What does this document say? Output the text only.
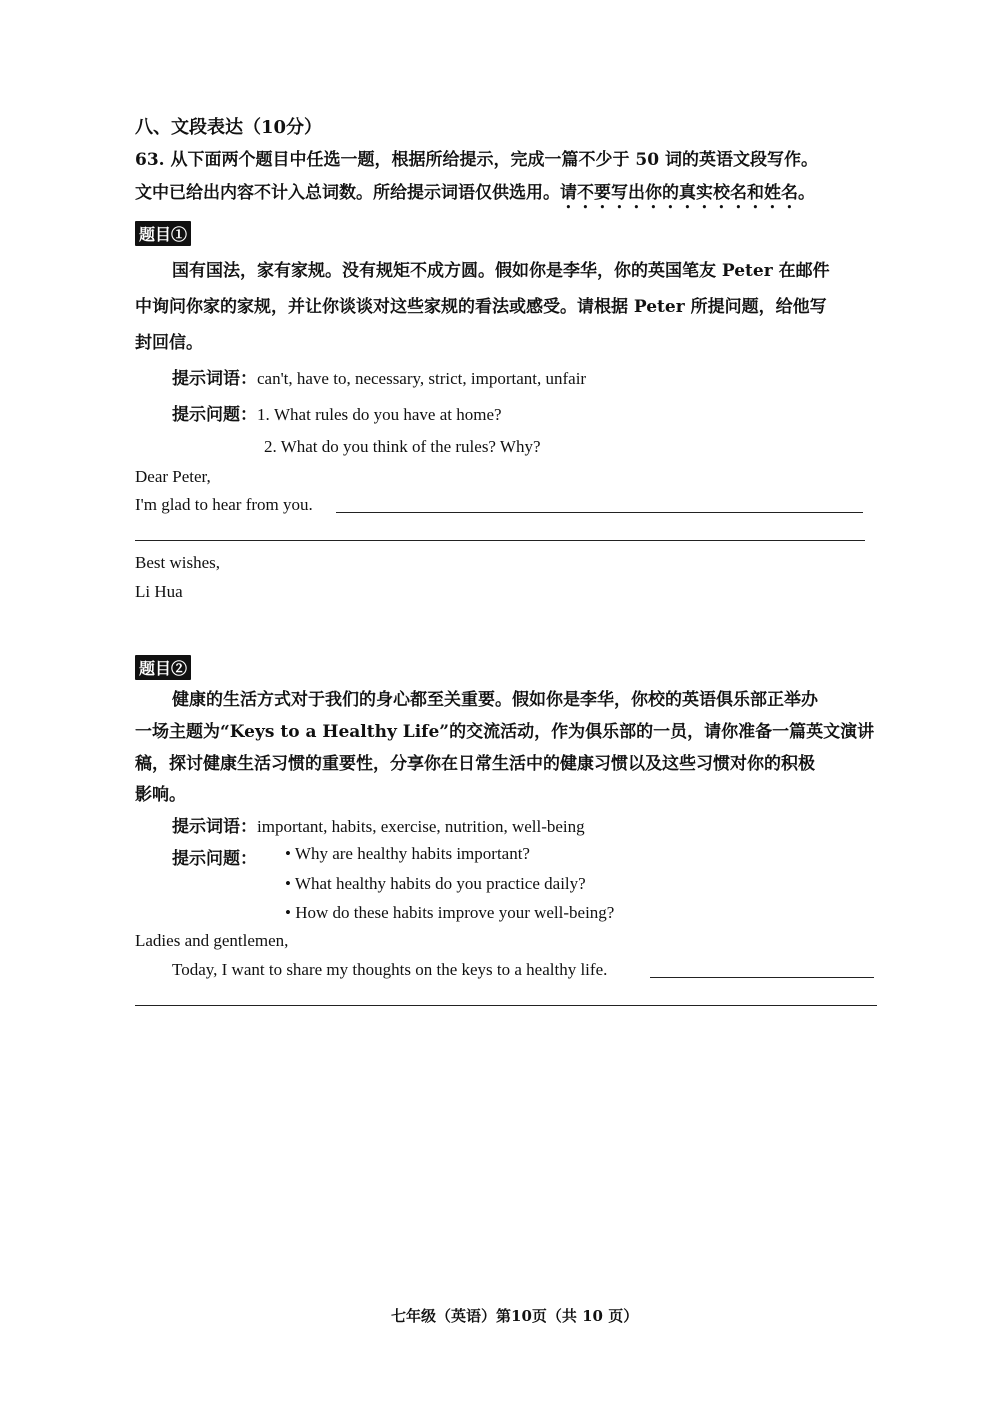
八、文段表达（10分）
63. 从下面两个题目中任选一题，根据所给提示，完成一篇不少于 50 词的英语文段写作。
文中已给出内容不计入总词数。所给提示词语仅供选用。请不要写出你的真实校名和姓名。
题目①
国有国法，家有家规。没有规矩不成方圆。假如你是李华，你的英国笔友 Peter 在邮件
中询问你家的家规，并让你谈谈对这些家规的看法或感受。请根据 Peter 所提问题，给他写
封回信。
提示词语：can't, have to, necessary, strict, important, unfair
提示问题：1. What rules do you have at home?
2. What do you think of the rules? Why?
Dear Peter,
I'm glad to hear from you.
Best wishes,
Li Hua
题目②
健康的生活方式对于我们的身心都至关重要。假如你是李华，你校的英语俱乐部正举办
一场主题为“Keys to a Healthy Life”的交流活动，作为俱乐部的一员，请你准备一篇英文演讲
稿，探讨健康生活习惯的重要性，分享你在日常生活中的健康习惯以及这些习惯对你的积极
影响。
提示词语：important, habits, exercise, nutrition, well-being
提示问题： • Why are healthy habits important?
• What healthy habits do you practice daily?
• How do these habits improve your well-being?
Ladies and gentlemen,
Today, I want to share my thoughts on the keys to a healthy life.
七年级（英语）第10页（共 10 页）
